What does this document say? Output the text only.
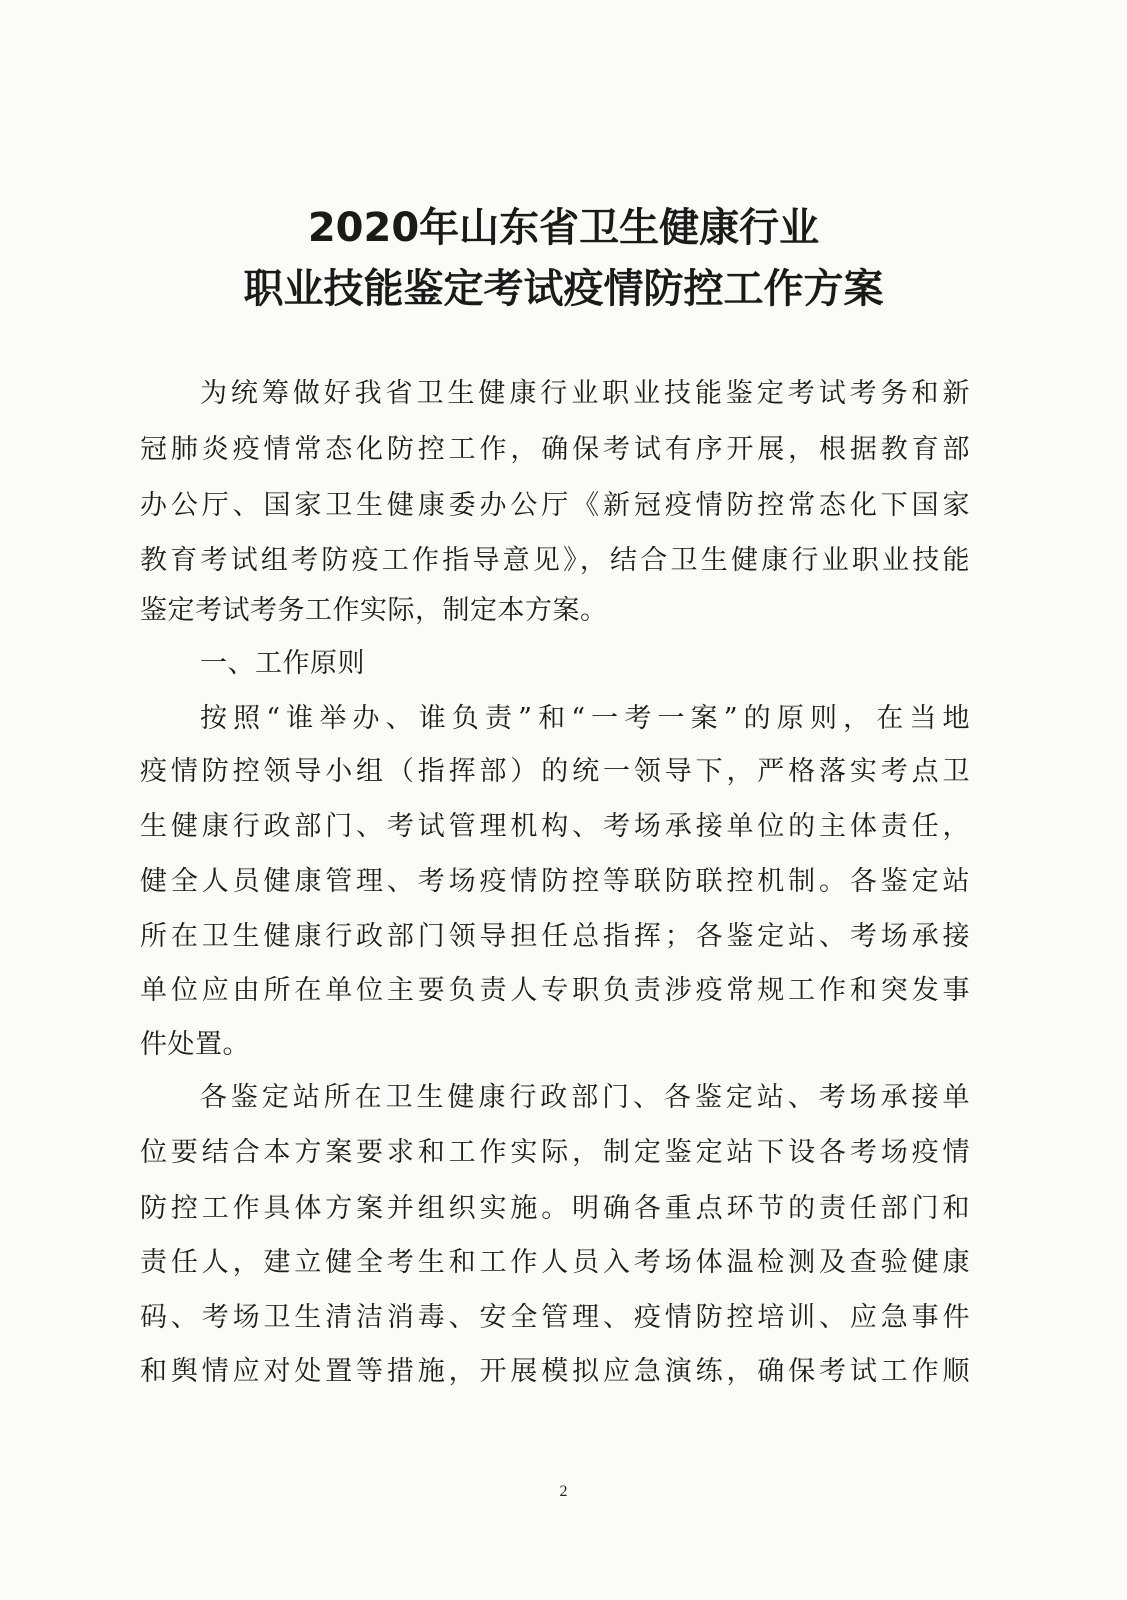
2020年山东省卫生健康行业
职业技能鉴定考试疫情防控工作方案
为统筹做好我省卫生健康行业职业技能鉴定考试考务和新
冠肺炎疫情常态化防控工作，确保考试有序开展，根据教育部
办公厅、国家卫生健康委办公厅《新冠疫情防控常态化下国家
教育考试组考防疫工作指导意见》，结合卫生健康行业职业技能
鉴定考试考务工作实际，制定本方案。
一、工作原则
按照“谁举办、谁负责”和“一考一案”的原则，在当地
疫情防控领导小组（指挥部）的统一领导下，严格落实考点卫
生健康行政部门、考试管理机构、考场承接单位的主体责任，
健全人员健康管理、考场疫情防控等联防联控机制。各鉴定站
所在卫生健康行政部门领导担任总指挥；各鉴定站、考场承接
单位应由所在单位主要负责人专职负责涉疫常规工作和突发事
件处置。
各鉴定站所在卫生健康行政部门、各鉴定站、考场承接单
位要结合本方案要求和工作实际，制定鉴定站下设各考场疫情
防控工作具体方案并组织实施。明确各重点环节的责任部门和
责任人，建立健全考生和工作人员入考场体温检测及查验健康
码、考场卫生清洁消毒、安全管理、疫情防控培训、应急事件
和舆情应对处置等措施，开展模拟应急演练，确保考试工作顺
2
